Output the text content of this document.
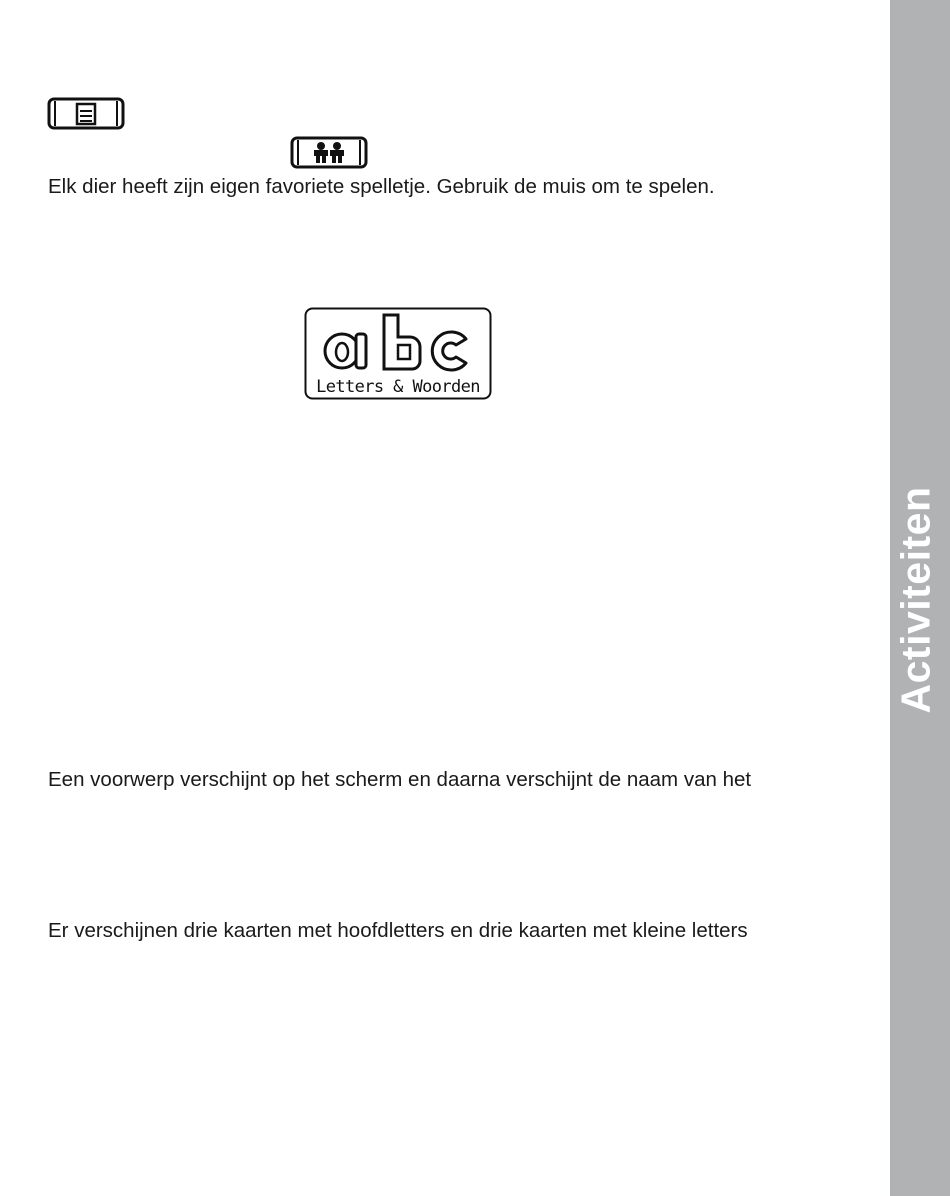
Activiteiten

Elk dier heeft zijn eigen favoriete spelletje. Gebruik de muis om te spelen.

Letters & Woorden

Een voorwerp verschijnt op het scherm en daarna verschijnt de naam van het

Er verschijnen drie kaarten met hoofdletters en drie kaarten met kleine letters
